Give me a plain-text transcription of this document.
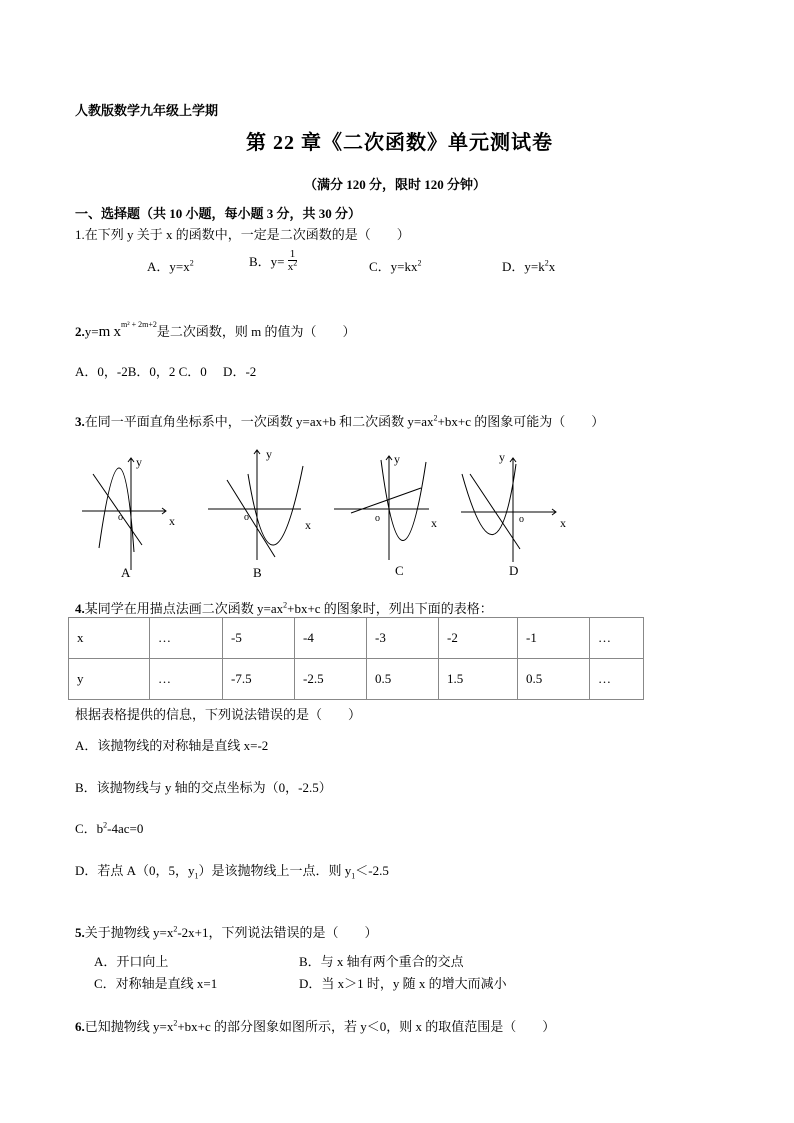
人教版数学九年级上学期
第 22 章《二次函数》单元测试卷
（满分 120 分，限时 120 分钟）
一、选择题（共 10 小题，每小题 3 分，共 30 分）
1.在下列 y 关于 x 的函数中，一定是二次函数的是（　　）
A．$y=x^2$	B．$y= \frac{1}{x^2}$	C．$y=kx^2$	D．$y=k^2x$
2.y=m $x^{m^2 + 2m+2}$是二次函数，则 m 的值为（　　）
A．0，-2B．0，2 C．0　 D．-2
3.在同一平面直角坐标系中，一次函数 y=ax+b 和二次函数 $y=ax^2+bx+c$ 的图象可能为（　　）
y
x
o
A
y
x
o
B
y
x
o
C
y
x
o
D
4.某同学在用描点法画二次函数 $y=ax^2+bx+c$ 的图象时，列出下面的表格：
x	…	-5	-4	-3	-2	-1	…
y	…	-7.5	-2.5	0.5	1.5	0.5	…
根据表格提供的信息，下列说法错误的是（　　）
A．该抛物线的对称轴是直线 x=-2
B．该抛物线与 y 轴的交点坐标为（0，-2.5）
C．$b^2-4ac=0$
D．若点 A（0，5，$y_1$）是该抛物线上一点．则 $y_1<-2.5$
5.关于抛物线 $y=x^2-2x+1$，下列说法错误的是（　　）
A．开口向上	B．与 x 轴有两个重合的交点
C．对称轴是直线 x=1	D．当 x＞1 时，y 随 x 的增大而减小
6.已知抛物线 $y=x^2+bx+c$ 的部分图象如图所示，若 y＜0，则 x 的取值范围是（　　）
